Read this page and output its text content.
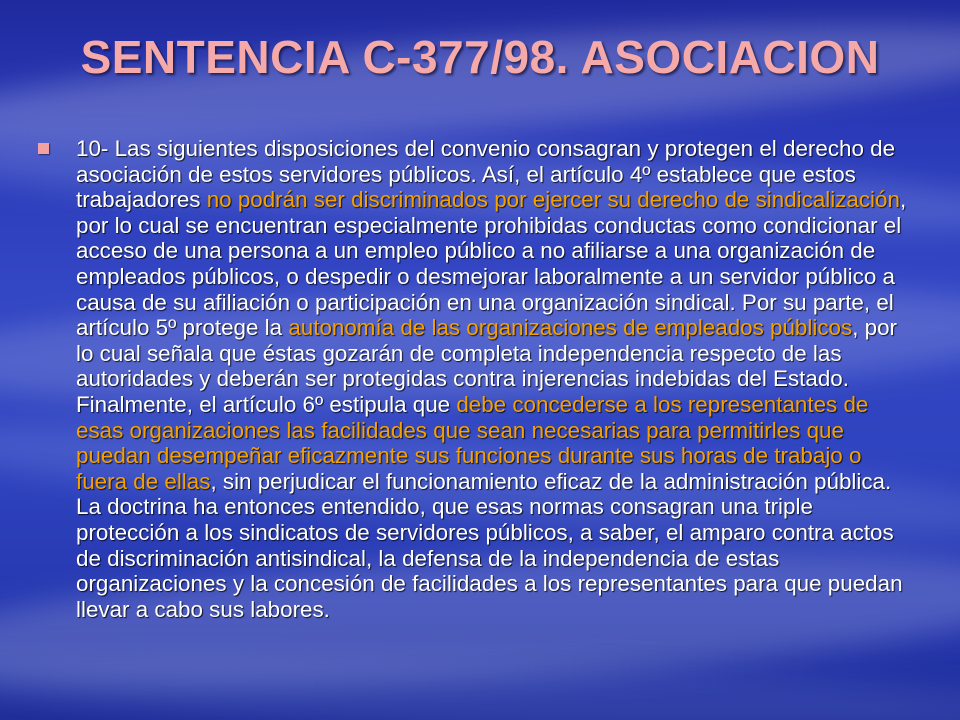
SENTENCIA C-377/98. ASOCIACION

10- Las siguientes disposiciones del convenio consagran y protegen el derecho de asociación de estos servidores públicos. Así, el artículo 4º establece que estos trabajadores no podrán ser discriminados por ejercer su derecho de sindicalización, por lo cual se encuentran especialmente prohibidas conductas como condicionar el acceso de una persona a un empleo público a no afiliarse a una organización de empleados públicos, o despedir o desmejorar laboralmente a un servidor público a causa de su afiliación o participación en una organización sindical. Por su parte, el artículo 5º protege la autonomía de las organizaciones de empleados públicos, por lo cual señala que éstas gozarán de completa independencia respecto de las autoridades y deberán ser protegidas contra injerencias indebidas del Estado. Finalmente, el artículo 6º estipula que debe concederse a los representantes de esas organizaciones las facilidades que sean necesarias para permitirles que puedan desempeñar eficazmente sus funciones durante sus horas de trabajo o fuera de ellas, sin perjudicar el funcionamiento eficaz de la administración pública. La doctrina ha entonces entendido, que esas normas consagran una triple protección a los sindicatos de servidores públicos, a saber, el amparo contra actos de discriminación antisindical, la defensa de la independencia de estas organizaciones y la concesión de facilidades a los representantes para que puedan llevar a cabo sus labores.
